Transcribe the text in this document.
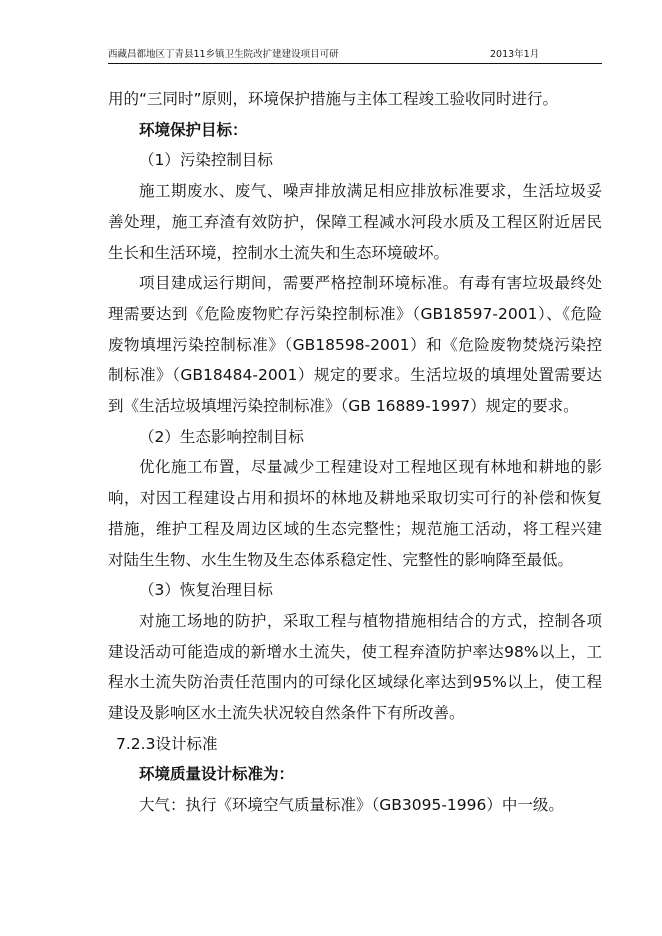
西藏昌都地区丁青县11乡镇卫生院改扩建建设项目可研	2013年1月

用的“三同时”原则，环境保护措施与主体工程竣工验收同时进行。

环境保护目标：

（1）污染控制目标

施工期废水、废气、噪声排放满足相应排放标准要求，生活垃圾妥善处理，施工弃渣有效防护，保障工程减水河段水质及工程区附近居民生长和生活环境，控制水土流失和生态环境破坏。

项目建成运行期间，需要严格控制环境标准。有毒有害垃圾最终处理需要达到《危险废物贮存污染控制标准》（GB18597-2001）、《危险废物填埋污染控制标准》（GB18598-2001）和《危险废物焚烧污染控制标准》（GB18484-2001）规定的要求。生活垃圾的填埋处置需要达到《生活垃圾填埋污染控制标准》（GB 16889-1997）规定的要求。

（2）生态影响控制目标

优化施工布置，尽量减少工程建设对工程地区现有林地和耕地的影响，对因工程建设占用和损坏的林地及耕地采取切实可行的补偿和恢复措施，维护工程及周边区域的生态完整性；规范施工活动，将工程兴建对陆生生物、水生生物及生态体系稳定性、完整性的影响降至最低。

（3）恢复治理目标

对施工场地的防护，采取工程与植物措施相结合的方式，控制各项建设活动可能造成的新增水土流失，使工程弃渣防护率达98%以上，工程水土流失防治责任范围内的可绿化区域绿化率达到95%以上，使工程建设及影响区水土流失状况较自然条件下有所改善。

7.2.3设计标准

环境质量设计标准为：

大气：执行《环境空气质量标准》（GB3095-1996）中一级。
